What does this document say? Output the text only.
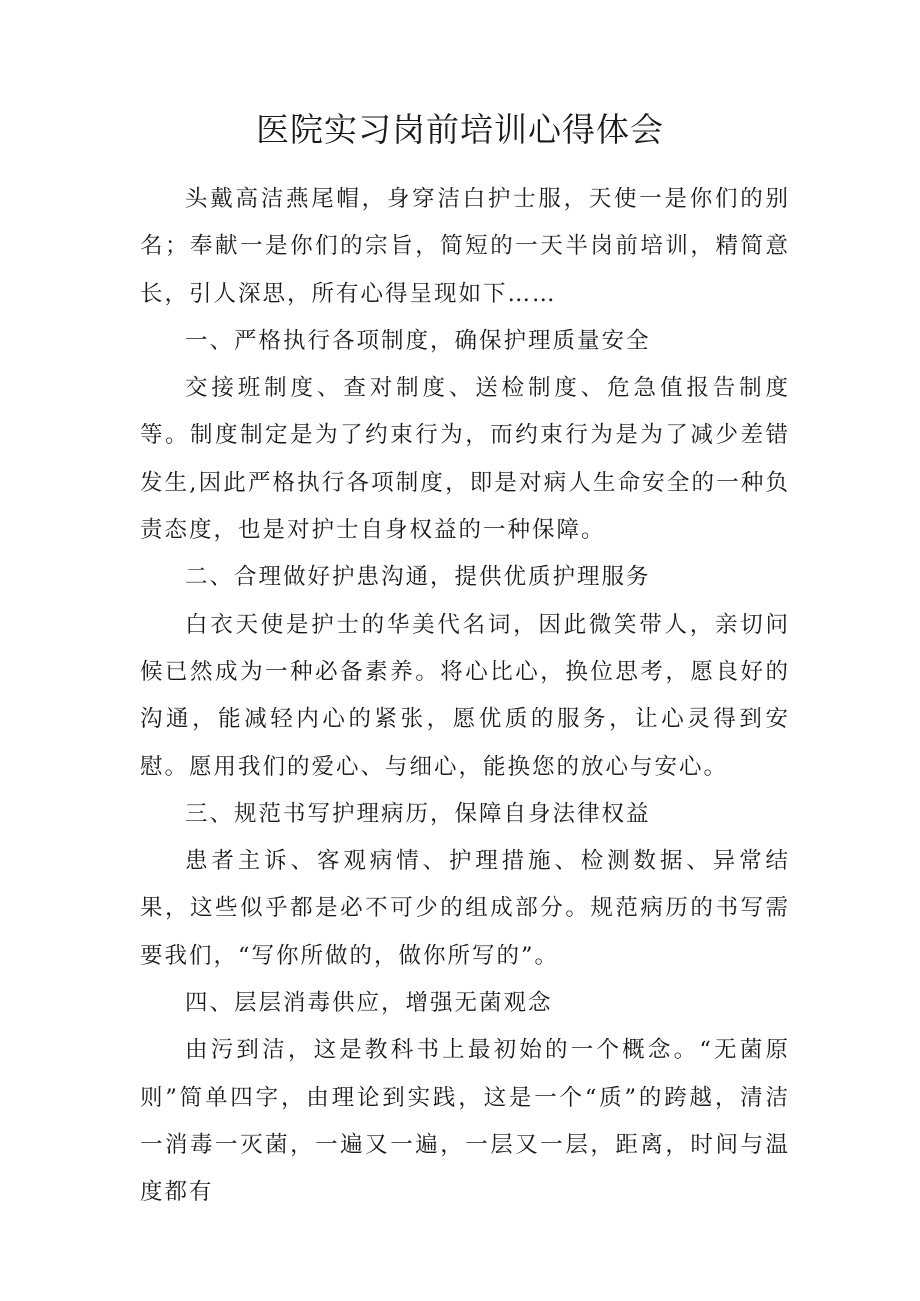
医院实习岗前培训心得体会

头戴高洁燕尾帽，身穿洁白护士服，天使一是你们的别名；奉献一是你们的宗旨，简短的一天半岗前培训，精简意长，引人深思，所有心得呈现如下……

一、严格执行各项制度，确保护理质量安全

交接班制度、查对制度、送检制度、危急值报告制度等。制度制定是为了约束行为，而约束行为是为了减少差错发生,因此严格执行各项制度，即是对病人生命安全的一种负责态度，也是对护士自身权益的一种保障。

二、合理做好护患沟通，提供优质护理服务

白衣天使是护士的华美代名词，因此微笑带人，亲切问候已然成为一种必备素养。将心比心，换位思考，愿良好的沟通，能减轻内心的紧张，愿优质的服务，让心灵得到安慰。愿用我们的爱心、与细心，能换您的放心与安心。

三、规范书写护理病历，保障自身法律权益

患者主诉、客观病情、护理措施、检测数据、异常结果，这些似乎都是必不可少的组成部分。规范病历的书写需要我们，“写你所做的，做你所写的”。

四、层层消毒供应，增强无菌观念

由污到洁，这是教科书上最初始的一个概念。“无菌原则”简单四字，由理论到实践，这是一个“质”的跨越，清洁一消毒一灭菌，一遍又一遍，一层又一层，距离，时间与温度都有
